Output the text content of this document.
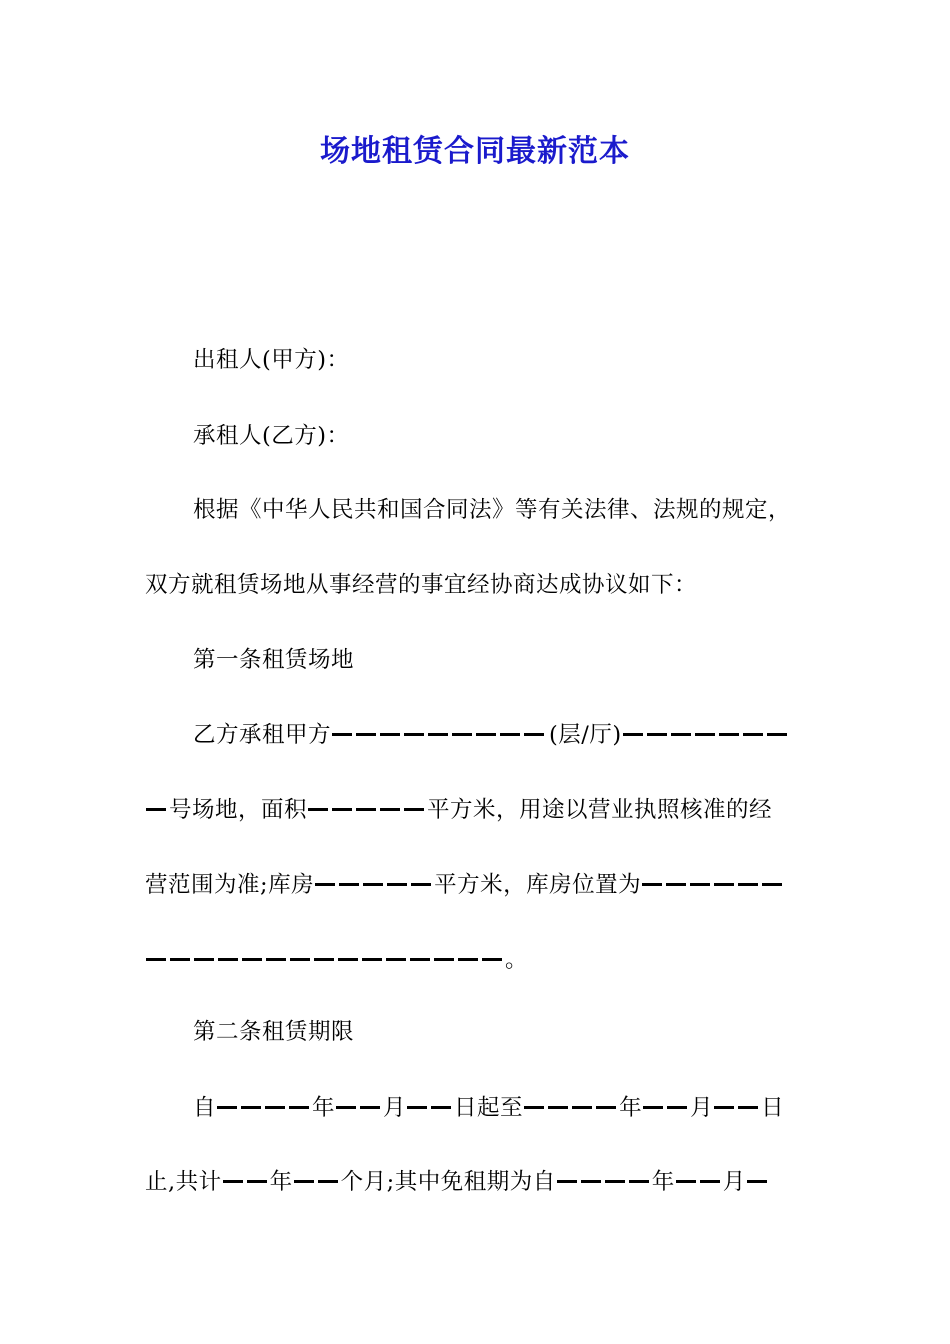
场地租赁合同最新范本
出租人(甲方)：
承租人(乙方)：
根据《中华人民共和国合同法》等有关法律、法规的规定，
双方就租赁场地从事经营的事宜经协商达成协议如下：
第一条租赁场地
乙方承租甲方	(层/厅)
号场地，面积	平方米，用途以营业执照核准的经
营范围为准;库房	平方米，库房位置为
。
第二条租赁期限
自	年 月 日起至	年 月 日
止,共计 年 个月;其中免租期为自	年 月
